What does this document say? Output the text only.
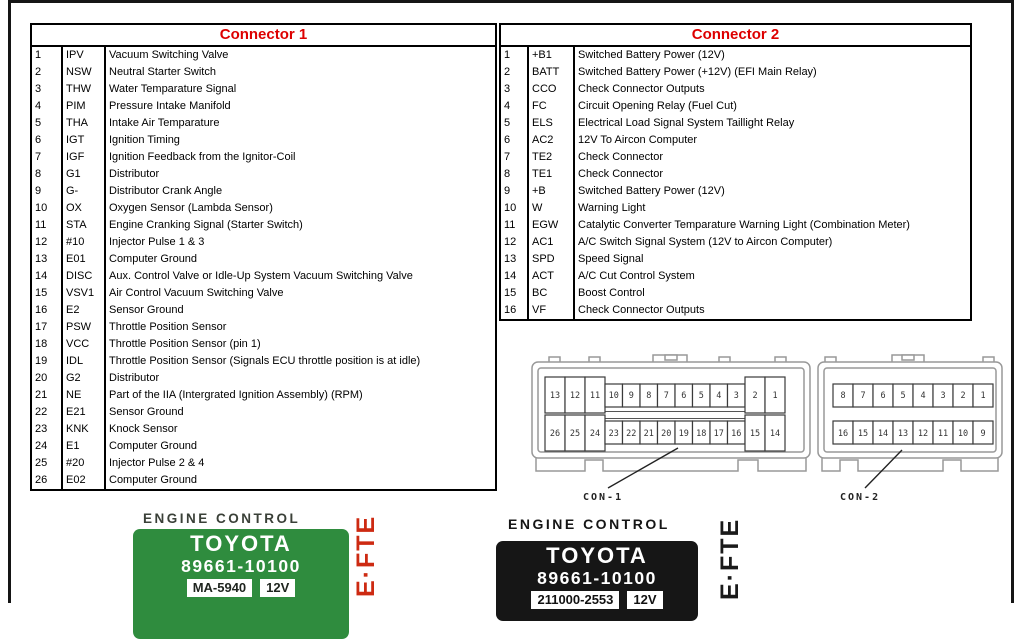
Connector 1		
1	IPV	Vacuum Switching Valve
2	NSW	Neutral Starter Switch
3	THW	Water Temparature Signal
4	PIM	Pressure Intake Manifold
5	THA	Intake Air Temparature
6	IGT	Ignition Timing
7	IGF	Ignition Feedback from the Ignitor-Coil
8	G1	Distributor
9	G-	Distributor Crank Angle
10	OX	Oxygen Sensor (Lambda Sensor)
11	STA	Engine Cranking Signal (Starter Switch)
12	#10	Injector Pulse 1 & 3
13	E01	Computer Ground
14	DISC	Aux. Control Valve or Idle-Up System Vacuum Switching Valve
15	VSV1	Air Control Vacuum Switching Valve
16	E2	Sensor Ground
17	PSW	Throttle Position Sensor
18	VCC	Throttle Position Sensor (pin 1)
19	IDL	Throttle Position Sensor (Signals ECU throttle position is at idle)
20	G2	Distributor
21	NE	Part of the IIA (Intergrated Ignition Assembly) (RPM)
22	E21	Sensor Ground
23	KNK	Knock Sensor
24	E1	Computer Ground
25	#20	Injector Pulse 2 & 4
26	E02	Computer Ground
Connector 2		
1	+B1	Switched Battery Power (12V)
2	BATT	Switched Battery Power (+12V) (EFI Main Relay)
3	CCO	Check Connector Outputs
4	FC	Circuit Opening Relay (Fuel Cut)
5	ELS	Electrical Load Signal System Taillight Relay
6	AC2	12V To Aircon Computer
7	TE2	Check Connector
8	TE1	Check Connector
9	+B	Switched Battery Power (12V)
10	W	Warning Light
11	EGW	Catalytic Converter Temparature Warning Light (Combination Meter)
12	AC1	A/C Switch Signal System (12V to Aircon Computer)
13	SPD	Speed Signal
14	ACT	A/C Cut Control System
15	BC	Boost Control
16	VF	Check Connector Outputs
13 12 11 10 9 8 7 6 5 4 3 2 1
26 25 24 23 22 21 20 19 18 17 16 15 14
8 7 6 5 4 3 2 1
16 15 14 13 12 11 10 9
CON-1	CON-2
ENGINE CONTROL
TOYOTA
89661-10100
MA-5940	12V	E·FTE	ENGINE CONTROL
TOYOTA
89661-10100
211000-2553	12V E·FTE
